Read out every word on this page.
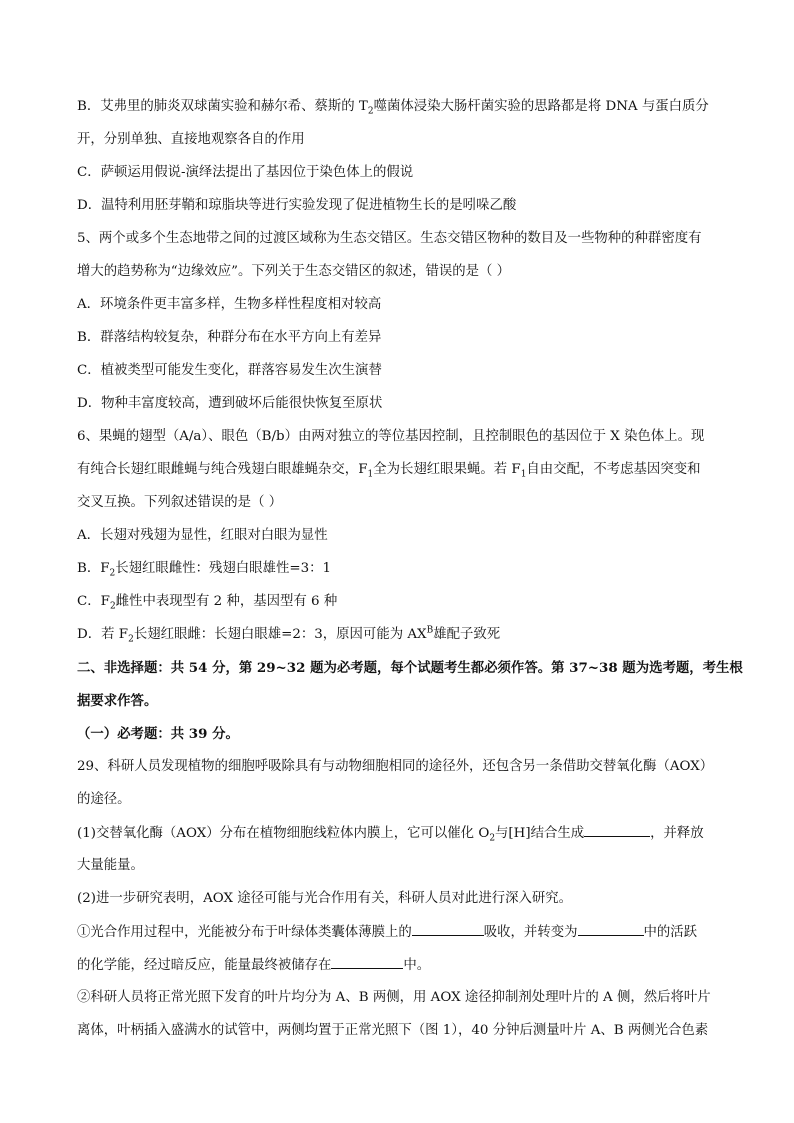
B．艾弗里的肺炎双球菌实验和赫尔希、蔡斯的 $T_2$噬菌体浸染大肠杆菌实验的思路都是将 DNA 与蛋白质分
开，分别单独、直接地观察各自的作用
C．萨顿运用假说-演绎法提出了基因位于染色体上的假说
D．温特利用胚芽鞘和琼脂块等进行实验发现了促进植物生长的是吲哚乙酸
5、两个或多个生态地带之间的过渡区域称为生态交错区。生态交错区物种的数目及一些物种的种群密度有
增大的趋势称为“边缘效应”。下列关于生态交错区的叙述，错误的是（ ）
A．环境条件更丰富多样，生物多样性程度相对较高
B．群落结构较复杂，种群分布在水平方向上有差异
C．植被类型可能发生变化，群落容易发生次生演替
D．物种丰富度较高，遭到破坏后能很快恢复至原状
6、果蝇的翅型（A/a）、眼色（B/b）由两对独立的等位基因控制，且控制眼色的基因位于 X 染色体上。现
有纯合长翅红眼雌蝇与纯合残翅白眼雄蝇杂交，$F_1$全为长翅红眼果蝇。若 $F_1$自由交配，不考虑基因突变和
交叉互换。下列叙述错误的是（ ）
A．长翅对残翅为显性，红眼对白眼为显性
B．$F_2$长翅红眼雌性：残翅白眼雄性=3：1
C．$F_2$雌性中表现型有 2 种，基因型有 6 种
D．若 $F_2$长翅红眼雌：长翅白眼雄=2：3，原因可能为 $AX^B$雄配子致死
二、非选择题：共 54 分，第 29~32 题为必考题，每个试题考生都必须作答。第 37~38 题为选考题，考生根
据要求作答。
（一）必考题：共 39 分。
29、科研人员发现植物的细胞呼吸除具有与动物细胞相同的途径外，还包含另一条借助交替氧化酶（AOX）
的途径。
(1)交替氧化酶（AOX）分布在植物细胞线粒体内膜上，它可以催化 $O_2$与[H]结合生成	，并释放
大量能量。
(2)进一步研究表明，AOX 途径可能与光合作用有关，科研人员对此进行深入研究。
①光合作用过程中，光能被分布于叶绿体类囊体薄膜上的	吸收，并转变为	中的活跃
的化学能，经过暗反应，能量最终被储存在	中。
②科研人员将正常光照下发育的叶片均分为 A、B 两侧，用 AOX 途径抑制剂处理叶片的 A 侧，然后将叶片
离体，叶柄插入盛满水的试管中，两侧均置于正常光照下（图 1），40 分钟后测量叶片 A、B 两侧光合色素
